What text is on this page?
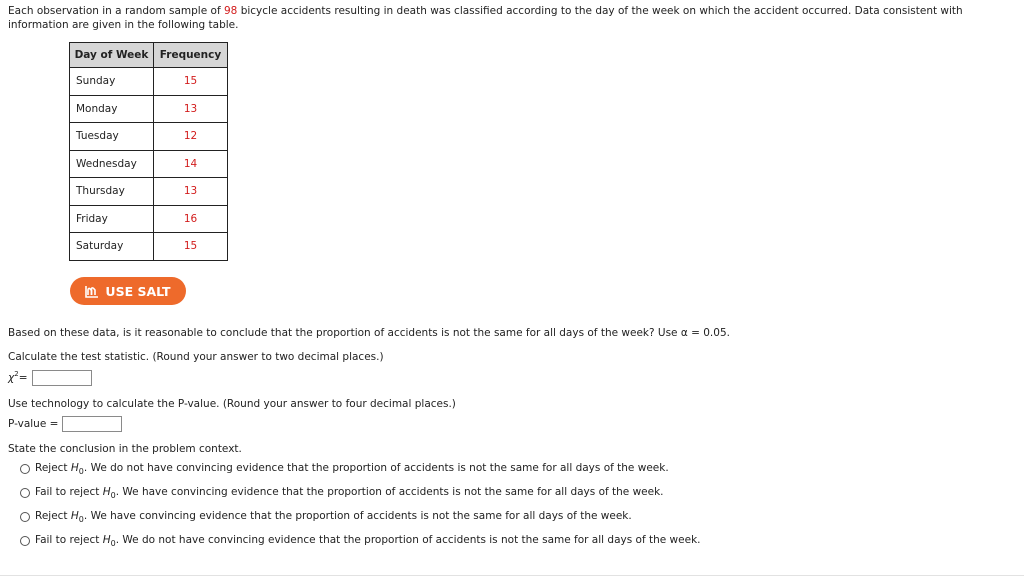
Each observation in a random sample of 98 bicycle accidents resulting in death was classified according to the day of the week on which the accident occurred. Data consistent with information are given in the following table.
Day of Week	Frequency
Sunday	15
Monday	13
Tuesday	12
Wednesday	14
Thursday	13
Friday	16
Saturday	15
USE SALT
Based on these data, is it reasonable to conclude that the proportion of accidents is not the same for all days of the week? Use α = 0.05.
Calculate the test statistic. (Round your answer to two decimal places.)
$\chi^2$ =
Use technology to calculate the P-value. (Round your answer to four decimal places.)
P-value =
State the conclusion in the problem context.
Reject $H_0$. We do not have convincing evidence that the proportion of accidents is not the same for all days of the week.
Fail to reject $H_0$. We have convincing evidence that the proportion of accidents is not the same for all days of the week.
Reject $H_0$. We have convincing evidence that the proportion of accidents is not the same for all days of the week.
Fail to reject $H_0$. We do not have convincing evidence that the proportion of accidents is not the same for all days of the week.
